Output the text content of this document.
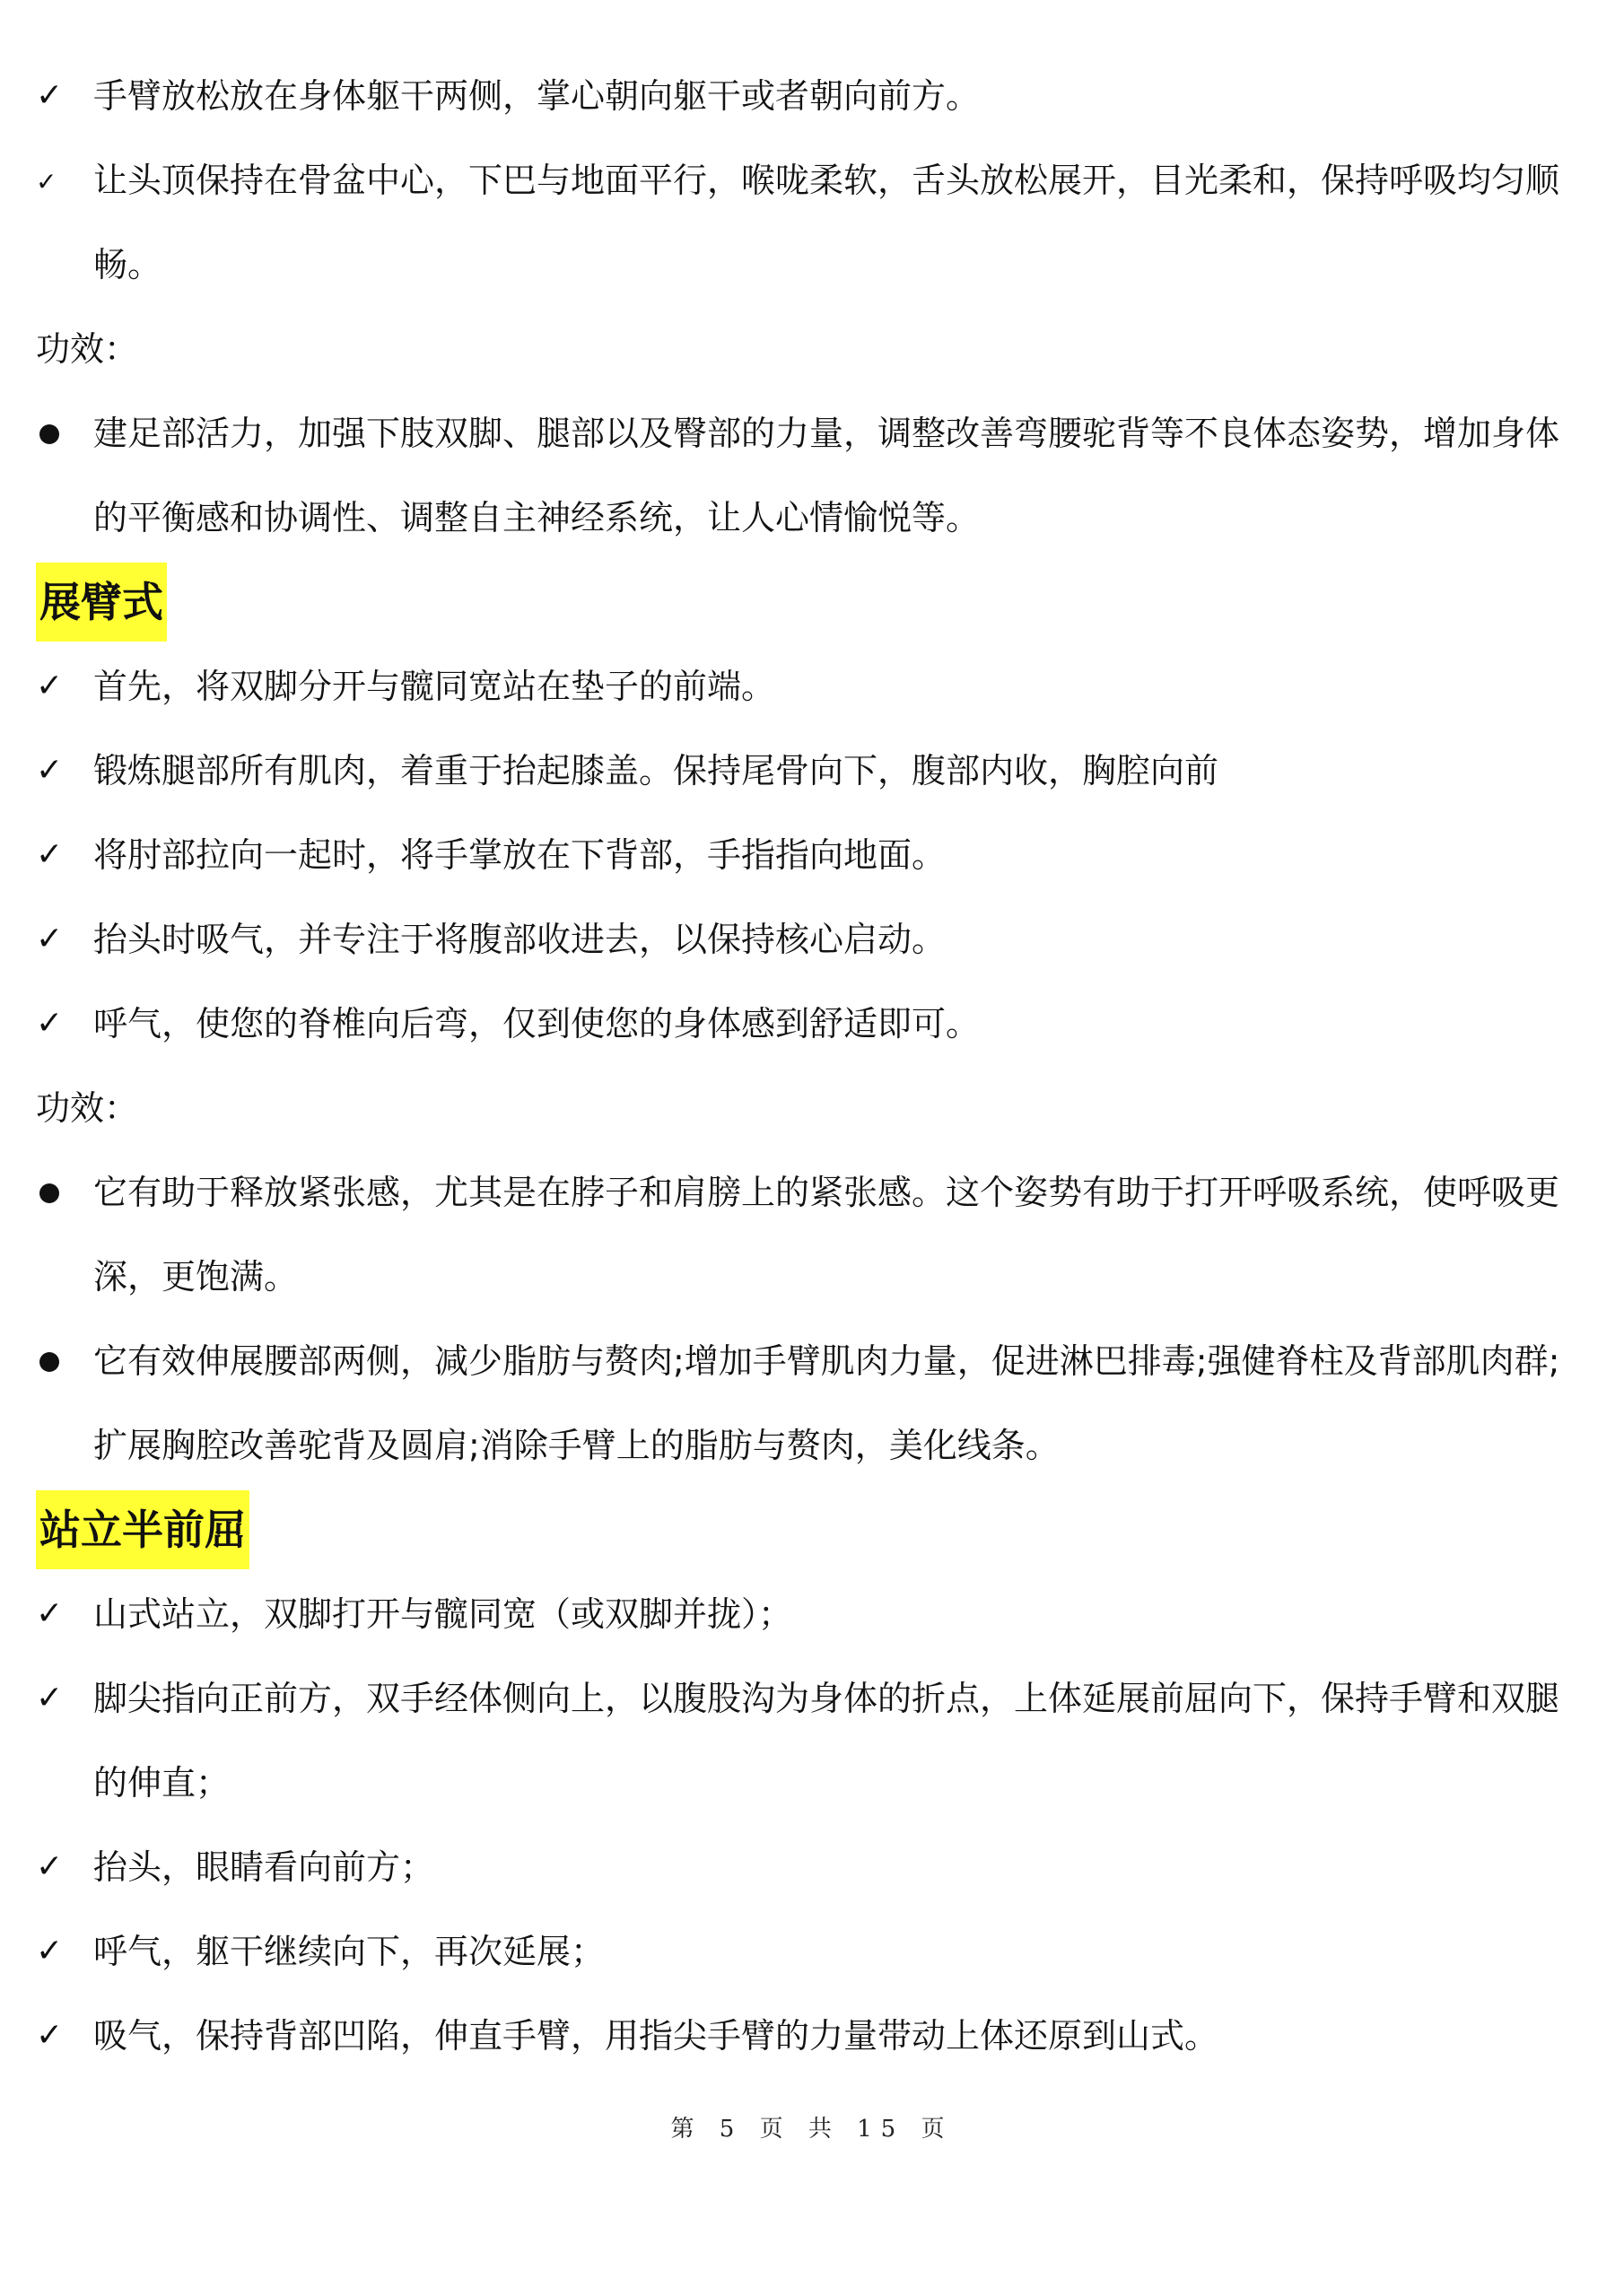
✓
手臂放松放在身体躯干两侧，掌心朝向躯干或者朝向前方。

✓
让头顶保持在骨盆中心，下巴与地面平行，喉咙柔软，舌头放松展开，目光柔和，保持呼吸均匀顺畅。

功效：

建足部活力，加强下肢双脚、腿部以及臀部的力量，调整改善弯腰驼背等不良体态姿势，增加身体的平衡感和协调性、调整自主神经系统，让人心情愉悦等。

展臂式

✓
首先，将双脚分开与髋同宽站在垫子的前端。

✓
锻炼腿部所有肌肉，着重于抬起膝盖。保持尾骨向下，腹部内收，胸腔向前

✓
将肘部拉向一起时，将手掌放在下背部，手指指向地面。

✓
抬头时吸气，并专注于将腹部收进去，以保持核心启动。

✓
呼气，使您的脊椎向后弯，仅到使您的身体感到舒适即可。

功效：

它有助于释放紧张感，尤其是在脖子和肩膀上的紧张感。这个姿势有助于打开呼吸系统，使呼吸更深，更饱满。

它有效伸展腰部两侧，减少脂肪与赘肉;增加手臂肌肉力量，促进淋巴排毒;强健脊柱及背部肌肉群;扩展胸腔改善驼背及圆肩;消除手臂上的脂肪与赘肉，美化线条。

站立半前屈

✓
山式站立，双脚打开与髋同宽（或双脚并拢）；

✓
脚尖指向正前方，双手经体侧向上，以腹股沟为身体的折点，上体延展前屈向下，保持手臂和双腿的伸直；

✓
抬头，眼睛看向前方；

✓
呼气，躯干继续向下，再次延展；

✓
吸气，保持背部凹陷，伸直手臂，用指尖手臂的力量带动上体还原到山式。

第 5 页 共 15 页
